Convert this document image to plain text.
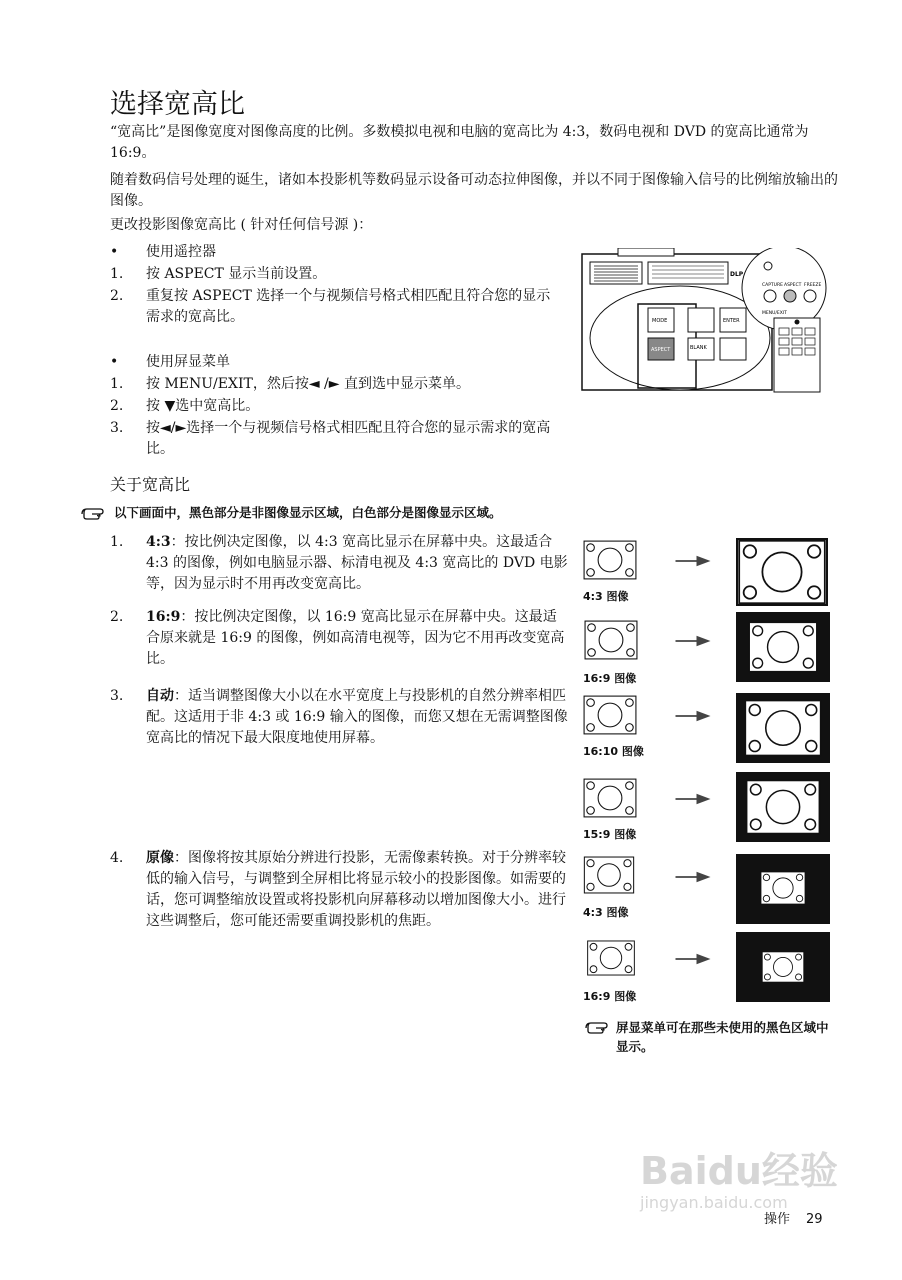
选择宽高比
“宽高比”是图像宽度对图像高度的比例。多数模拟电视和电脑的宽高比为 4:3，数码电视和 DVD 的宽高比通常为 16:9。
随着数码信号处理的诞生，诸如本投影机等数码显示设备可动态拉伸图像，并以不同于图像输入信号的比例缩放输出的图像。
更改投影图像宽高比 ( 针对任何信号源 )：
•	使用遥控器
1.	按 ASPECT 显示当前设置。
2.	重复按 ASPECT 选择一个与视频信号格式相匹配且符合您的显示需求的宽高比。
•	使用屏显菜单
1.	按 MENU/EXIT，然后按◄ /► 直到选中显示菜单。
2.	按 ▼选中宽高比。
3.	按◄/►选择一个与视频信号格式相匹配且符合您的显示需求的宽高比。
MODE
ASPECT
ENTER
BLANK
DLP
CAPTURE ASPECT FREEZE
MENU/EXIT
关于宽高比
以下画面中，黑色部分是非图像显示区域，白色部分是图像显示区域。
1. 4:3：按比例决定图像，以 4:3 宽高比显示在屏幕中央。这最适合 4:3 的图像，例如电脑显示器、标清电视及 4:3 宽高比的 DVD 电影等，因为显示时不用再改变宽高比。
2. 16:9：按比例决定图像，以 16:9 宽高比显示在屏幕中央。这最适合原来就是 16:9 的图像，例如高清电视等，因为它不用再改变宽高比。
3. 自动：适当调整图像大小以在水平宽度上与投影机的自然分辨率相匹配。这适用于非 4:3 或 16:9 输入的图像，而您又想在无需调整图像宽高比的情况下最大限度地使用屏幕。
4. 原像：图像将按其原始分辨进行投影，无需像素转换。对于分辨率较低的输入信号，与调整到全屏相比将显示较小的投影图像。如需要的话，您可调整缩放设置或将投影机向屏幕移动以增加图像大小。进行这些调整后，您可能还需要重调投影机的焦距。
4:3 图像
16:9 图像
16:10 图像
15:9 图像
4:3 图像
16:9 图像
屏显菜单可在那些未使用的黑色区域中显示。
Baidu经验
jingyan.baidu.com
操作 29
